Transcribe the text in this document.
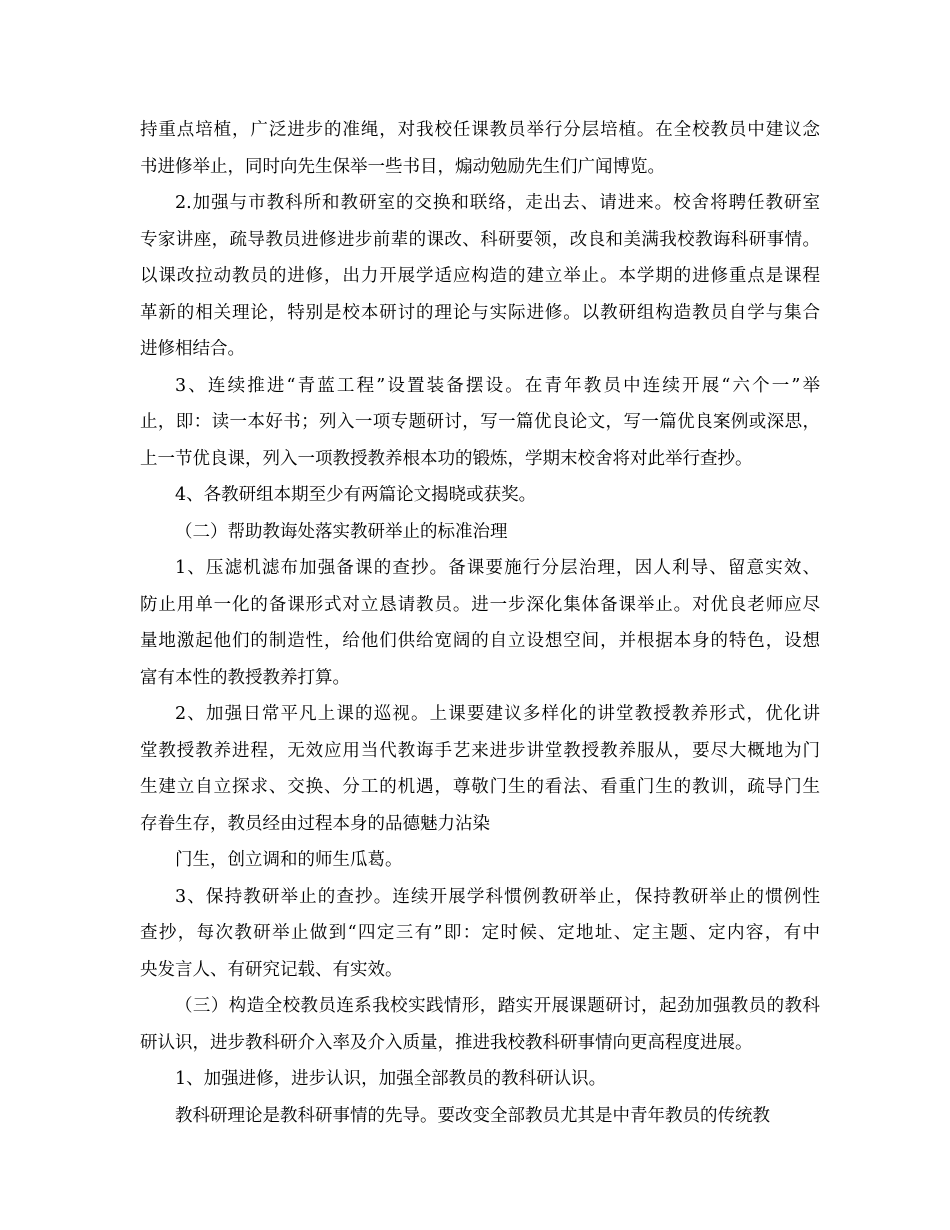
持重点培植，广泛进步的准绳，对我校任课教员举行分层培植。在全校教员中建议念
书进修举止，同时向先生保举一些书目，煽动勉励先生们广闻博览。
2.加强与市教科所和教研室的交换和联络，走出去、请进来。校舍将聘任教研室
专家讲座，疏导教员进修进步前辈的课改、科研要领，改良和美满我校教诲科研事情。
以课改拉动教员的进修，出力开展学适应构造的建立举止。本学期的进修重点是课程
革新的相关理论，特别是校本研讨的理论与实际进修。以教研组构造教员自学与集合
进修相结合。
3、连续推进“青蓝工程”设置装备摆设。在青年教员中连续开展“六个一”举
止，即：读一本好书；列入一项专题研讨，写一篇优良论文，写一篇优良案例或深思，
上一节优良课，列入一项教授教养根本功的锻炼，学期末校舍将对此举行查抄。
4、各教研组本期至少有两篇论文揭晓或获奖。
（二）帮助教诲处落实教研举止的标准治理
1、压滤机滤布加强备课的查抄。备课要施行分层治理，因人利导、留意实效、
防止用单一化的备课形式对立恳请教员。进一步深化集体备课举止。对优良老师应尽
量地激起他们的制造性，给他们供给宽阔的自立设想空间，并根据本身的特色，设想
富有本性的教授教养打算。
2、加强日常平凡上课的巡视。上课要建议多样化的讲堂教授教养形式，优化讲
堂教授教养进程，无效应用当代教诲手艺来进步讲堂教授教养服从，要尽大概地为门
生建立自立探求、交换、分工的机遇，尊敬门生的看法、看重门生的教训，疏导门生
存眷生存，教员经由过程本身的品德魅力沾染
门生，创立调和的师生瓜葛。
3、保持教研举止的查抄。连续开展学科惯例教研举止，保持教研举止的惯例性
查抄，每次教研举止做到“四定三有”即：定时候、定地址、定主题、定内容，有中
央发言人、有研究记载、有实效。
（三）构造全校教员连系我校实践情形，踏实开展课题研讨，起劲加强教员的教科
研认识，进步教科研介入率及介入质量，推进我校教科研事情向更高程度进展。
1、加强进修，进步认识，加强全部教员的教科研认识。
教科研理论是教科研事情的先导。要改变全部教员尤其是中青年教员的传统教
